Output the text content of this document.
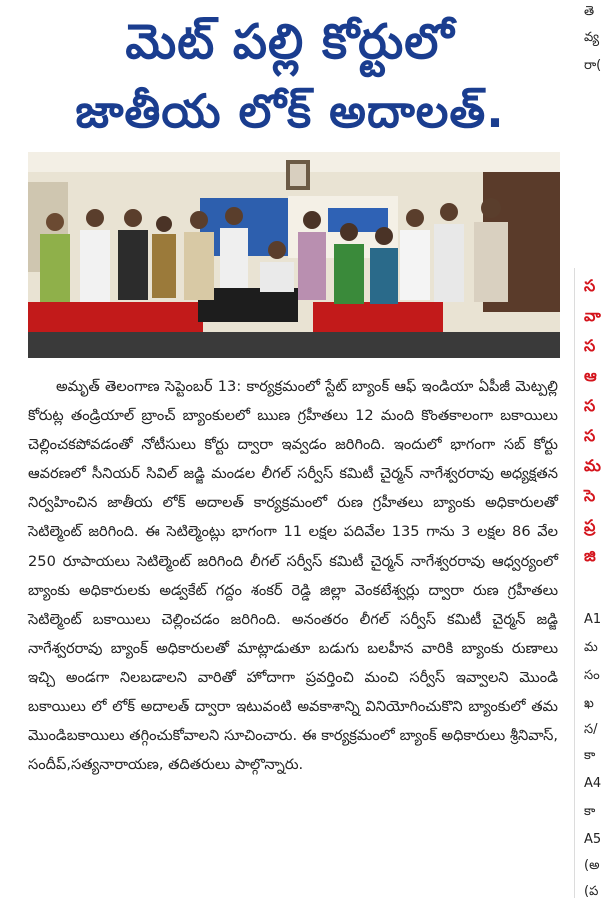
మెట్ పల్లి కోర్టులో
జాతీయ లోక్ అదాలత్.

అమృత్ తెలంగాణ సెప్టెంబర్ 13: కార్యక్రమంలో స్టేట్ బ్యాంక్ ఆఫ్ ఇండియా ఏపీజీ మెట్పల్లి కోరుట్ల తండ్రియాల్ బ్రాంచ్ బ్యాంకులలో ఋణ గ్రహీతలు 12 మంది కొంతకాలంగా బకాయిలు చెల్లించకపోవడంతో నోటీసులు కోర్టు ద్వారా ఇవ్వడం జరిగింది. ఇందులో భాగంగా సబ్ కోర్టు ఆవరణలో సీనియర్ సివిల్ జడ్జి మండల లీగల్ సర్వీస్ కమిటీ చైర్మన్ నాగేశ్వరరావు అధ్యక్షతన నిర్వహించిన జాతీయ లోక్ అదాలత్ కార్యక్రమంలో రుణ గ్రహీతలు బ్యాంకు అధికారులతో సెటిల్మెంట్ జరిగింది. ఈ సెటిల్మెంట్లు భాగంగా 11 లక్షల పదివేల 135 గాను 3 లక్షల 86 వేల 250 రూపాయలు సెటిల్మెంట్ జరిగింది లీగల్ సర్వీస్ కమిటీ చైర్మన్ నాగేశ్వరరావు ఆధ్వర్యంలో బ్యాంకు అధికారులకు అడ్వకేట్ గద్దం శంకర్ రెడ్డి జిల్లా వెంకటేశ్వర్లు ద్వారా రుణ గ్రహీతలు సెటిల్మెంట్ బకాయిలు చెల్లించడం జరిగింది. అనంతరం లీగల్ సర్వీస్ కమిటీ చైర్మన్ జడ్జి నాగేశ్వరరావు బ్యాంక్ అధికారులతో మాట్లాడుతూ బడుగు బలహీన వారికి బ్యాంకు రుణాలు ఇచ్చి అండగా నిలబడాలని వారితో హోదాగా ప్రవర్తించి మంచి సర్వీస్ ఇవ్వాలని మొండి బకాయిలు లో లోక్ అదాలత్ ద్వారా ఇటువంటి అవకాశాన్ని వినియోగించుకొని బ్యాంకులో తమ మొండిబకాయిలు తగ్గించుకోవాలని సూచించారు. ఈ కార్యక్రమంలో బ్యాంక్ అధికారులు శ్రీనివాస్, సందీప్,సత్యనారాయణ, తదితరులు పాల్గొన్నారు.

తె
వ్య
రా(
స
వా
స
ఆ
స
స
మ
సె
ప్ర
జి
A1
మ
సం
ఖ
స/
కా
A4
కా
A5
(అ
(ప
